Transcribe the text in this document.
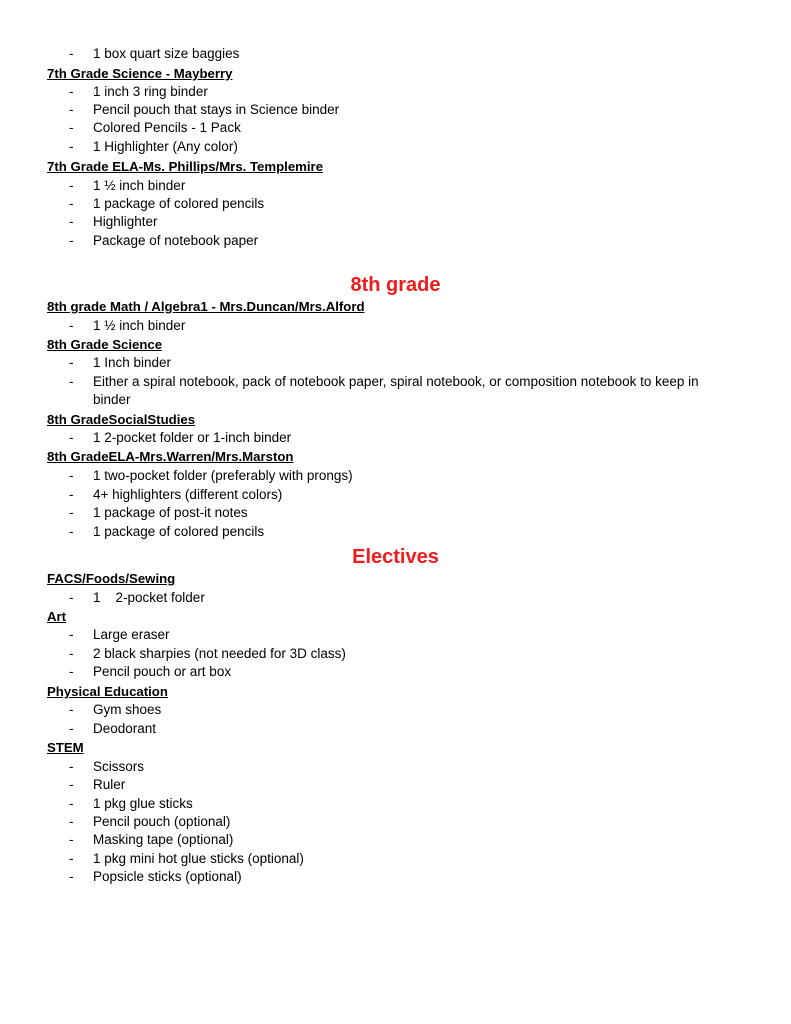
- 1 box quart size baggies
7th Grade Science - Mayberry
- 1 inch 3 ring binder
- Pencil pouch that stays in Science binder
- Colored Pencils - 1 Pack
- 1 Highlighter (Any color)
7th Grade ELA-Ms. Phillips/Mrs. Templemire
- 1 ½ inch binder
- 1 package of colored pencils
- Highlighter
- Package of notebook paper
8th grade
8th grade Math / Algebra1 - Mrs.Duncan/Mrs.Alford
- 1 ½ inch binder
8th Grade Science
- 1 Inch binder
- Either a spiral notebook, pack of notebook paper, spiral notebook, or composition notebook to keep in
binder
8th GradeSocialStudies
- 1 2-pocket folder or 1-inch binder
8th GradeELA-Mrs.Warren/Mrs.Marston
- 1 two-pocket folder (preferably with prongs)
- 4+ highlighters (different colors)
- 1 package of post-it notes
- 1 package of colored pencils
Electives
FACS/Foods/Sewing
- 1    2-pocket folder
Art
- Large eraser
- 2 black sharpies (not needed for 3D class)
- Pencil pouch or art box
Physical Education
- Gym shoes
- Deodorant
STEM
- Scissors
- Ruler
- 1 pkg glue sticks
- Pencil pouch (optional)
- Masking tape (optional)
- 1 pkg mini hot glue sticks (optional)
- Popsicle sticks (optional)
